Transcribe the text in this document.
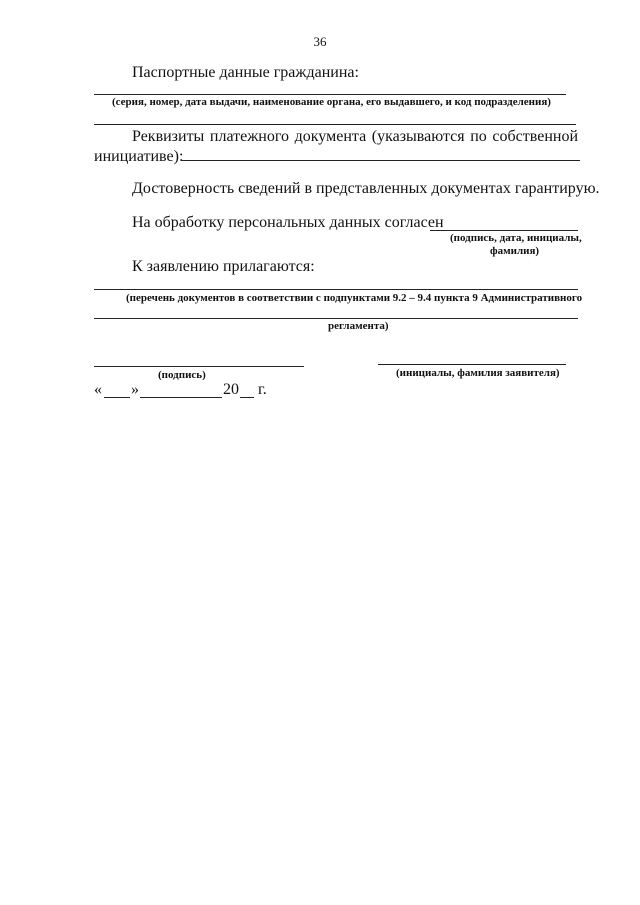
36
Паспортные данные гражданина:
(серия, номер, дата выдачи, наименование органа, его выдавшего, и код подразделения)
Реквизиты платежного документа (указываются по собственной
инициативе):
Достоверность сведений в представленных документах гарантирую.
На обработку персональных данных согласен
(подпись, дата, инициалы,
фамилия)
К заявлению прилагаются:
(перечень документов в соответствии с подпунктами 9.2 – 9.4 пункта 9 Административного
регламента)
(подпись)	(инициалы, фамилия заявителя)
« »	20 г.
